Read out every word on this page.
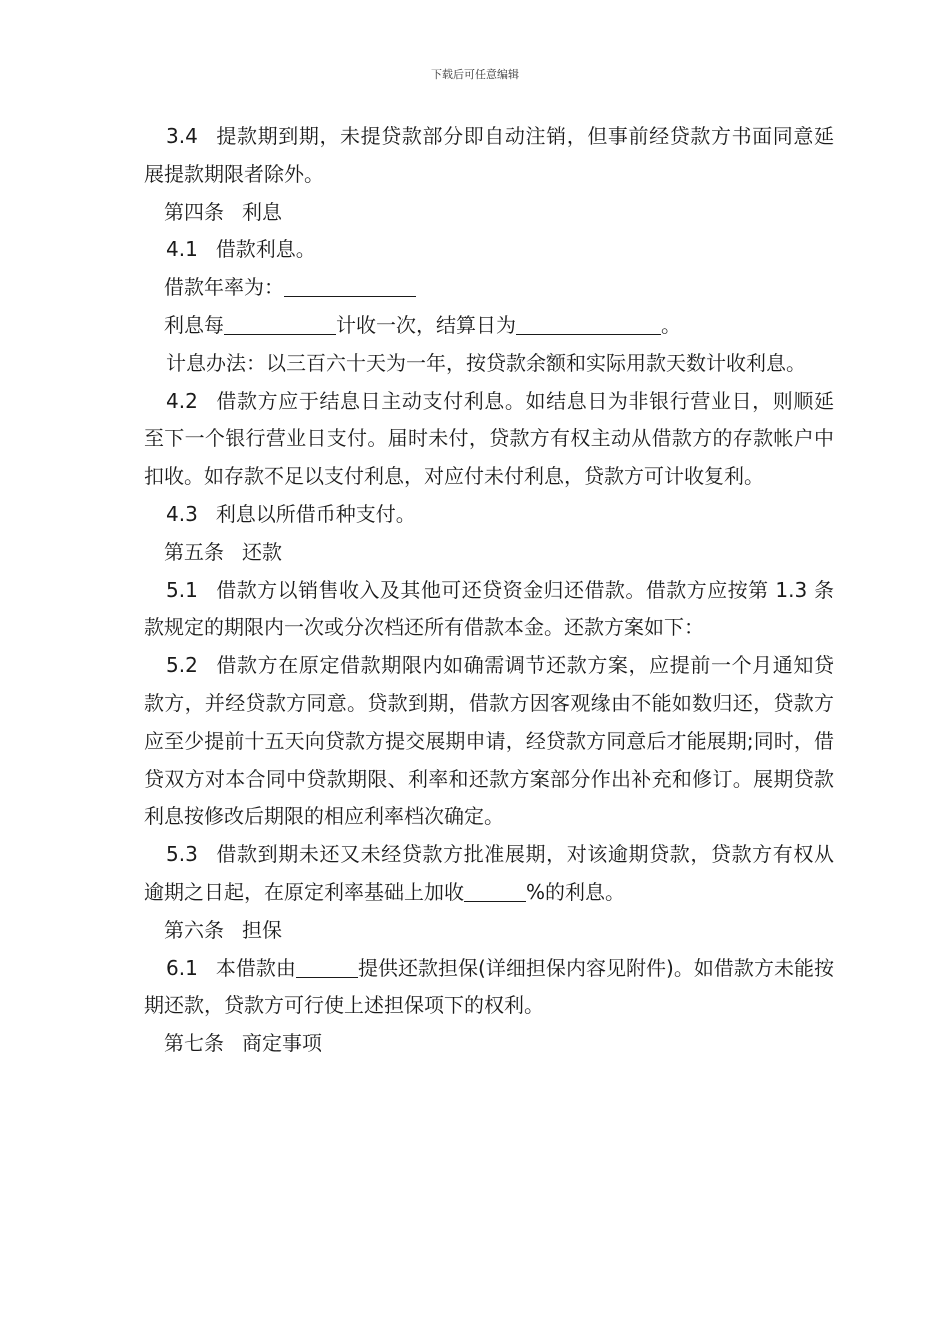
下载后可任意编辑

3.4 提款期到期，未提贷款部分即自动注销，但事前经贷款方书面同意延展提款期限者除外。

第四条 利息

4.1 借款利息。

借款年率为：

利息每	计收一次，结算日为	。

计息办法：以三百六十天为一年，按贷款余额和实际用款天数计收利息。

4.2 借款方应于结息日主动支付利息。如结息日为非银行营业日，则顺延至下一个银行营业日支付。届时未付，贷款方有权主动从借款方的存款帐户中扣收。如存款不足以支付利息，对应付未付利息，贷款方可计收复利。

4.3 利息以所借币种支付。

第五条 还款

5.1 借款方以销售收入及其他可还贷资金归还借款。借款方应按第 1.3 条款规定的期限内一次或分次档还所有借款本金。还款方案如下：

5.2 借款方在原定借款期限内如确需调节还款方案，应提前一个月通知贷款方，并经贷款方同意。贷款到期，借款方因客观缘由不能如数归还，贷款方应至少提前十五天向贷款方提交展期申请，经贷款方同意后才能展期;同时，借贷双方对本合同中贷款期限、利率和还款方案部分作出补充和修订。展期贷款利息按修改后期限的相应利率档次确定。

5.3 借款到期未还又未经贷款方批准展期，对该逾期贷款，贷款方有权从逾期之日起，在原定利率基础上加收	%的利息。

第六条 担保

6.1 本借款由	提供还款担保(详细担保内容见附件)。如借款方未能按期还款，贷款方可行使上述担保项下的权利。

第七条 商定事项
